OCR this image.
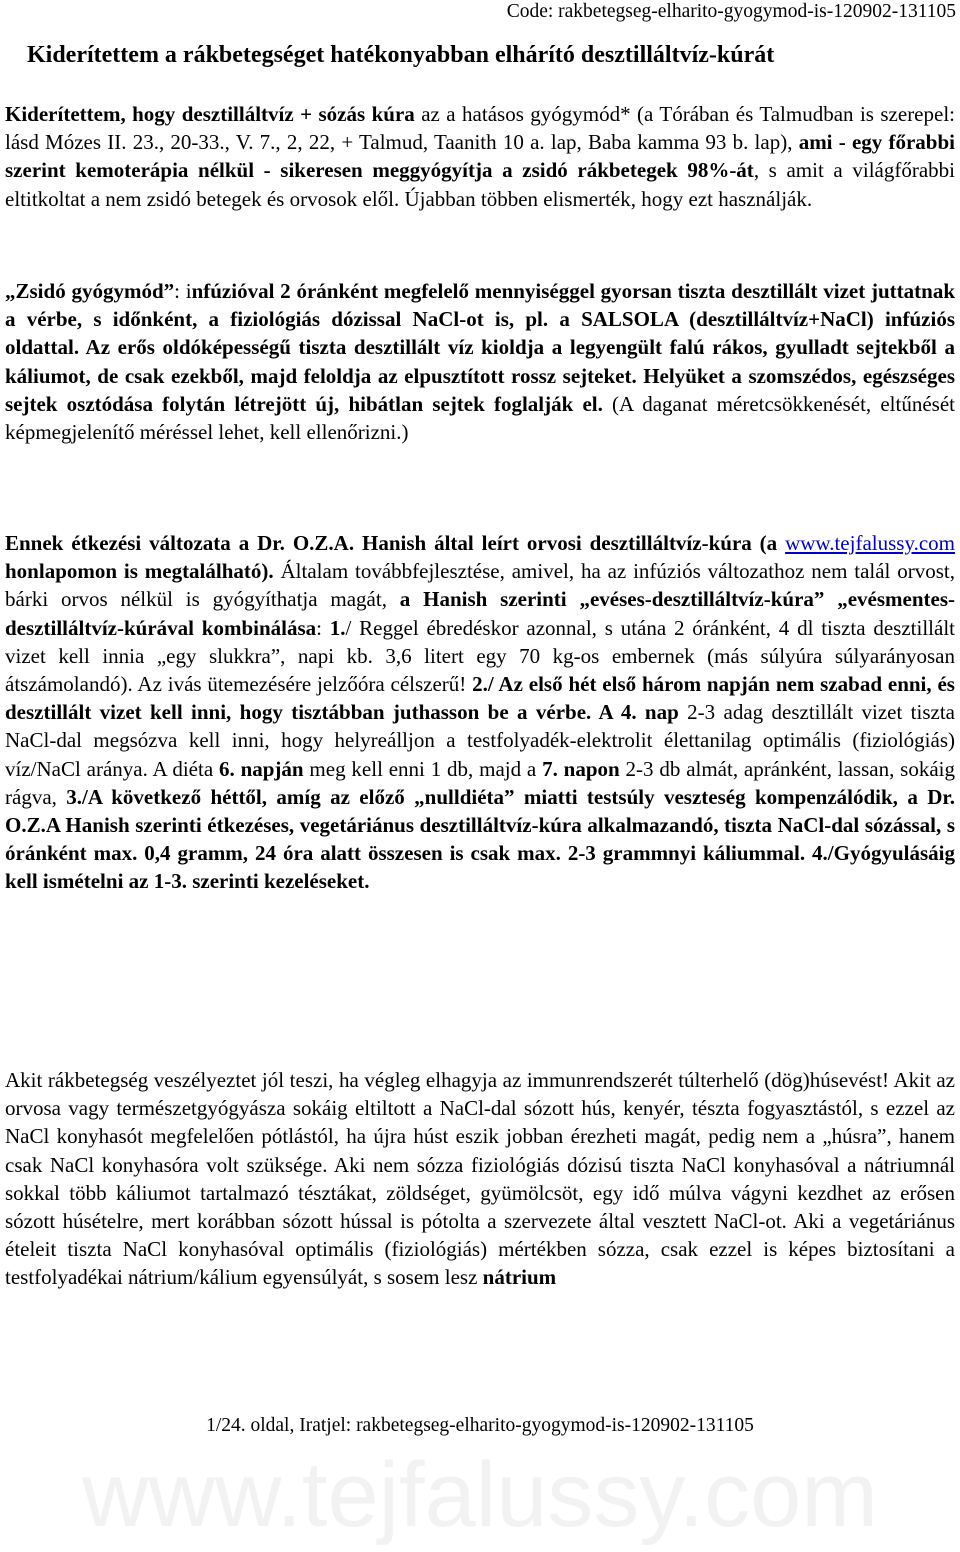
Code: rakbetegseg-elharito-gyogymod-is-120902-131105
Kiderítettem a rákbetegséget hatékonyabban elhárító desztilláltvíz-kúrát

Kiderítettem, hogy desztilláltvíz + sózás kúra az a hatásos gyógymód* (a Tórában és Talmudban is szerepel: lásd Mózes II. 23., 20-33., V. 7., 2, 22, + Talmud, Taanith 10 a. lap, Baba kamma 93 b. lap), ami - egy főrabbi szerint kemoterápia nélkül - sikeresen meggyógyítja a zsidó rákbetegek 98%-át, s amit a világfőrabbi eltitkoltat a nem zsidó betegek és orvosok elől. Újabban többen elismerték, hogy ezt használják.

„Zsidó gyógymód”: infúzióval 2 óránként megfelelő mennyiséggel gyorsan tiszta desztillált vizet juttatnak a vérbe, s időnként, a fiziológiás dózissal NaCl-ot is, pl. a SALSOLA (desztilláltvíz+NaCl) infúziós oldattal. Az erős oldóképességű tiszta desztillált víz kioldja a legyengült falú rákos, gyulladt sejtekből a káliumot, de csak ezekből, majd feloldja az elpusztított rossz sejteket. Helyüket a szomszédos, egészséges sejtek osztódása folytán létrejött új, hibátlan sejtek foglalják el. (A daganat méretcsökkenését, eltűnését képmegjelenítő méréssel lehet, kell ellenőrizni.)

Ennek étkezési változata a Dr. O.Z.A. Hanish által leírt orvosi desztilláltvíz-kúra (a www.tejfalussy.com honlapomon is megtalálható). Általam továbbfejlesztése, amivel, ha az infúziós változathoz nem talál orvost, bárki orvos nélkül is gyógyíthatja magát, a Hanish szerinti „evéses-desztilláltvíz-kúra” „evésmentes-desztilláltvíz-kúrával kombinálása: 1./ Reggel ébredéskor azonnal, s utána 2 óránként, 4 dl tiszta desztillált vizet kell innia „egy slukkra”, napi kb. 3,6 litert egy 70 kg-os embernek (más súlyúra súlyarányosan átszámolandó). Az ivás ütemezésére jelzőóra célszerű! 2./ Az első hét első három napján nem szabad enni, és desztillált vizet kell inni, hogy tisztábban juthasson be a vérbe. A 4. nap 2-3 adag desztillált vizet tiszta NaCl-dal megsózva kell inni, hogy helyreálljon a testfolyadék-elektrolit élettanilag optimális (fiziológiás) víz/NaCl aránya. A diéta 6. napján meg kell enni 1 db, majd a 7. napon 2-3 db almát, apránként, lassan, sokáig rágva, 3./A következő héttől, amíg az előző „nulldiéta” miatti testsúly veszteség kompenzálódik, a Dr. O.Z.A Hanish szerinti étkezéses, vegetáriánus desztilláltvíz-kúra alkalmazandó, tiszta NaCl-dal sózással, s óránként max. 0,4 gramm, 24 óra alatt összesen is csak max. 2-3 grammnyi káliummal. 4./Gyógyulásáig kell ismételni az 1-3. szerinti kezeléseket.

Akit rákbetegség veszélyeztet jól teszi, ha végleg elhagyja az immunrendszerét túlterhelő (dög)húsevést! Akit az orvosa vagy természetgyógyásza sokáig eltiltott a NaCl-dal sózott hús, kenyér, tészta fogyasztástól, s ezzel az NaCl konyhasót megfelelően pótlástól, ha újra húst eszik jobban érezheti magát, pedig nem a „húsra”, hanem csak NaCl konyhasóra volt szüksége. Aki nem sózza fiziológiás dózisú tiszta NaCl konyhasóval a nátriumnál sokkal több káliumot tartalmazó tésztákat, zöldséget, gyümölcsöt, egy idő múlva vágyni kezdhet az erősen sózott húsételre, mert korábban sózott hússal is pótolta a szervezete által vesztett NaCl-ot. Aki a vegetáriánus ételeit tiszta NaCl konyhasóval optimális (fiziológiás) mértékben sózza, csak ezzel is képes biztosítani a testfolyadékai nátrium/kálium egyensúlyát, s sosem lesz nátrium

1/24. oldal, Iratjel: rakbetegseg-elharito-gyogymod-is-120902-131105
www.tejfalussy.com
